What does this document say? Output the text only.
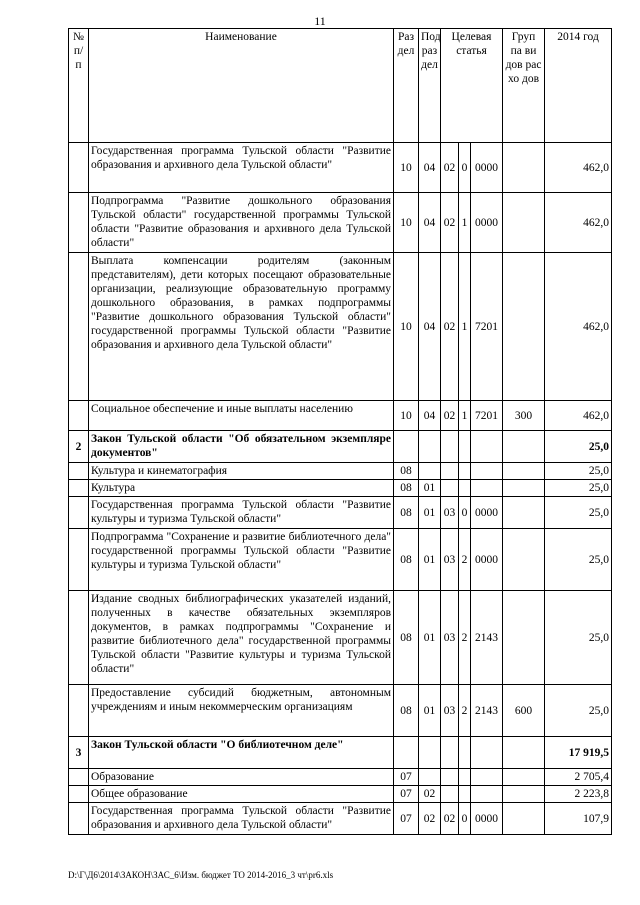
11
№ п/ п	Наименование	Раз дел	Под раз дел	Целевая статья			Груп па ви дов рас хо дов	2014 год
	Государственная программа Тульской области "Развитие образования и архивного дела Тульской области"	10	04	02	0	0000		462,0
	Подпрограмма "Развитие дошкольного образования Тульской области" государственной программы Тульской области "Развитие образования и архивного дела Тульской области"	10	04	02	1	0000		462,0
	Выплата компенсации родителям (законным представителям), дети которых посещают образовательные организации, реализующие образовательную программу дошкольного образования, в рамках подпрограммы "Развитие дошкольного образования Тульской области" государственной программы Тульской области "Развитие образования и архивного дела Тульской области"	10	04	02	1	7201		462,0
	Социальное обеспечение и иные выплаты населению	10	04	02	1	7201	300	462,0
2	Закон Тульской области "Об обязательном экземпляре документов"							25,0
	Культура и кинематография	08						25,0
	Культура	08	01					25,0
	Государственная программа Тульской области "Развитие культуры и туризма Тульской области"	08	01	03	0	0000		25,0
	Подпрограмма "Сохранение и развитие библиотечного дела" государственной программы Тульской области "Развитие культуры и туризма Тульской области"	08	01	03	2	0000		25,0
	Издание сводных библиографических указателей изданий, полученных в качестве обязательных экземпляров документов, в рамках подпрограммы "Сохранение и развитие библиотечного дела" государственной программы Тульской области "Развитие культуры и туризма Тульской области"	08	01	03	2	2143		25,0
	Предоставление субсидий бюджетным, автономным учреждениям и иным некоммерческим организациям	08	01	03	2	2143	600	25,0
3	Закон Тульской области "О библиотечном деле"							17 919,5
	Образование	07						2 705,4
	Общее образование	07	02					2 223,8
	Государственная программа Тульской области "Развитие образования и архивного дела Тульской области"	07	02	02	0	0000		107,9
D:\Г\Д6\2014\ЗАКОН\ЗАС_6\Изм. бюджет ТО 2014-2016_3 чт\pr6.xls
